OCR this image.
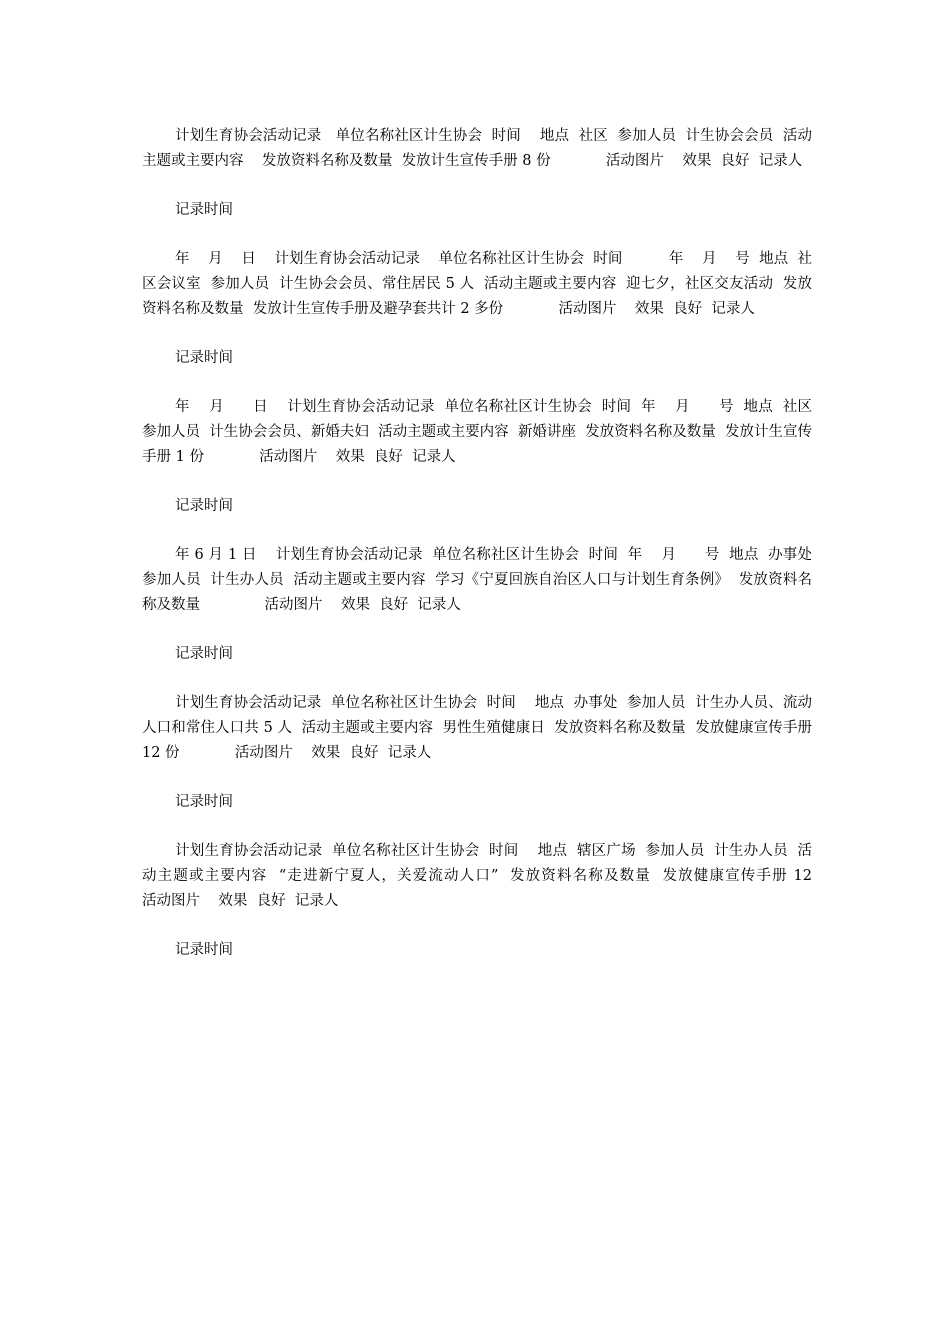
计划生育协会活动记录   单位名称社区计生协会  时间    地点  社区  参加人员  计生协会会员  活动主题或主要内容    发放资料名称及数量  发放计生宣传手册 8 份            活动图片    效果  良好  记录人

记录时间

年    月    日    计划生育协会活动记录    单位名称社区计生协会  时间          年    月    号  地点  社区会议室  参加人员  计生协会会员、常住居民 5 人  活动主题或主要内容  迎七夕，社区交友活动  发放资料名称及数量  发放计生宣传手册及避孕套共计 2 多份            活动图片    效果  良好  记录人

记录时间

年    月      日    计划生育协会活动记录  单位名称社区计生协会  时间  年    月      号  地点  社区  参加人员  计生协会会员、新婚夫妇  活动主题或主要内容  新婚讲座  发放资料名称及数量  发放计生宣传手册 1 份            活动图片    效果  良好  记录人

记录时间

年 6 月 1 日    计划生育协会活动记录  单位名称社区计生协会  时间  年    月      号  地点  办事处  参加人员  计生办人员  活动主题或主要内容  学习《宁夏回族自治区人口与计划生育条例》  发放资料名称及数量              活动图片    效果  良好  记录人

记录时间

计划生育协会活动记录  单位名称社区计生协会  时间    地点  办事处  参加人员  计生办人员、流动人口和常住人口共 5 人  活动主题或主要内容  男性生殖健康日  发放资料名称及数量  发放健康宣传手册 12 份            活动图片    效果  良好  记录人

记录时间

计划生育协会活动记录  单位名称社区计生协会  时间    地点  辖区广场  参加人员  计生办人员  活动主题或主要内容  “走进新宁夏人，关爱流动人口”  发放资料名称及数量  发放健康宣传手册 12            活动图片    效果  良好  记录人

记录时间
